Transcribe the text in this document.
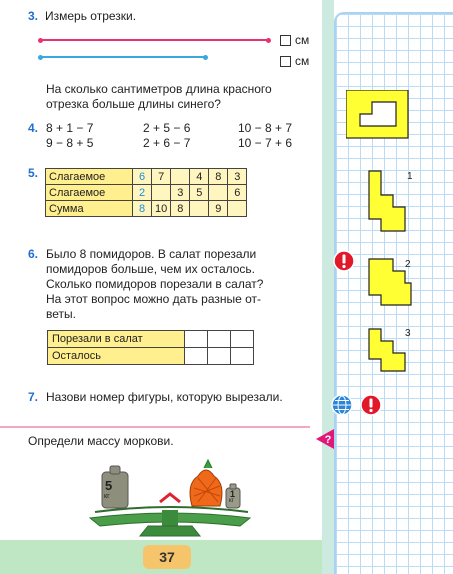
3. Измерь отрезки.
см
см
На сколько сантиметров длина красного
отрезка больше длины синего?
4. 8 + 1 − 7	2 + 5 − 6	10 − 8 + 7
9 − 8 + 5	2 + 6 − 7	10 − 7 + 6
5. Слагаемое	6	7		4	8	3
Слагаемое	2		3	5		6
Сумма	8	10	8		9	
6. Было 8 помидоров. В салат порезали
помидоров больше, чем их осталось.
Сколько помидоров порезали в салат?
На этот вопрос можно дать разные от-
веты.
Порезали в салат			
Осталось			
7. Назови номер фигуры, которую вырезали.
Определи массу моркови.
5
кг	1
кг
37
1
2
3
?
